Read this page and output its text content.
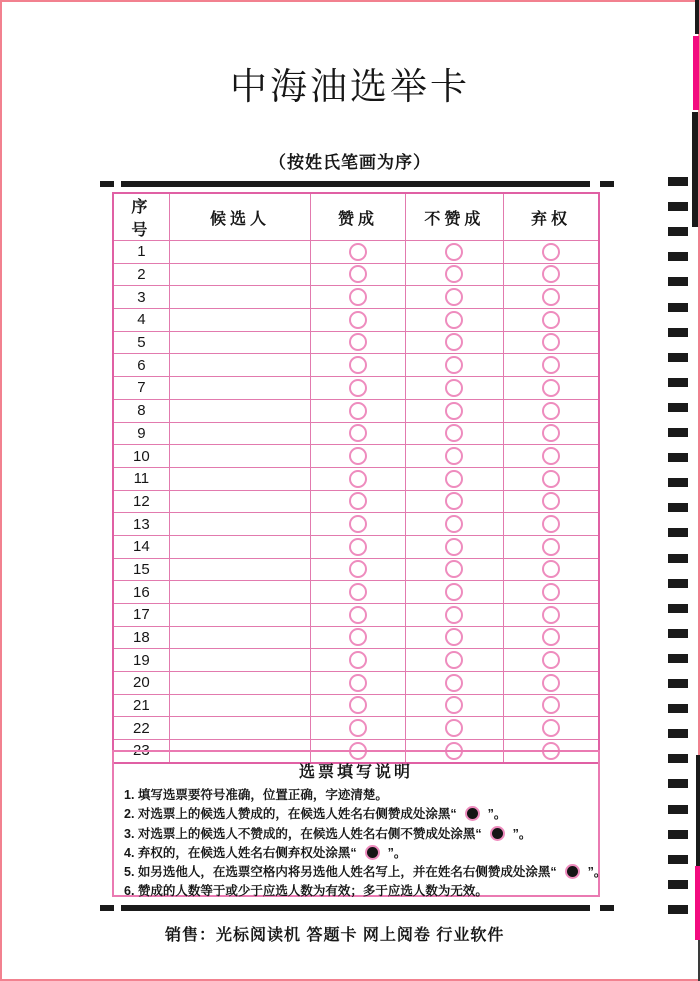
中海油选举卡
（按姓氏笔画为序）
序　号	候选人	赞成	不赞成	弃权
1				
2				
3				
4				
5				
6				
7				
8				
9				
10				
11				
12				
13				
14				
15				
16				
17				
18				
19				
20				
21				
22				
23				
选票填写说明
1. 填写选票要符号准确，位置正确，字迹清楚。
2. 对选票上的候选人赞成的，在候选人姓名右侧赞成处涂黑“ ”。
3. 对选票上的候选人不赞成的，在候选人姓名右侧不赞成处涂黑“ ”。
4. 弃权的，在候选人姓名右侧弃权处涂黑“ ”。
5. 如另选他人，在选票空格内将另选他人姓名写上，并在姓名右侧赞成处涂黑“ ”。
6. 赞成的人数等于或少于应选人数为有效；多于应选人数为无效。
销售：光标阅读机 答题卡 网上阅卷 行业软件
